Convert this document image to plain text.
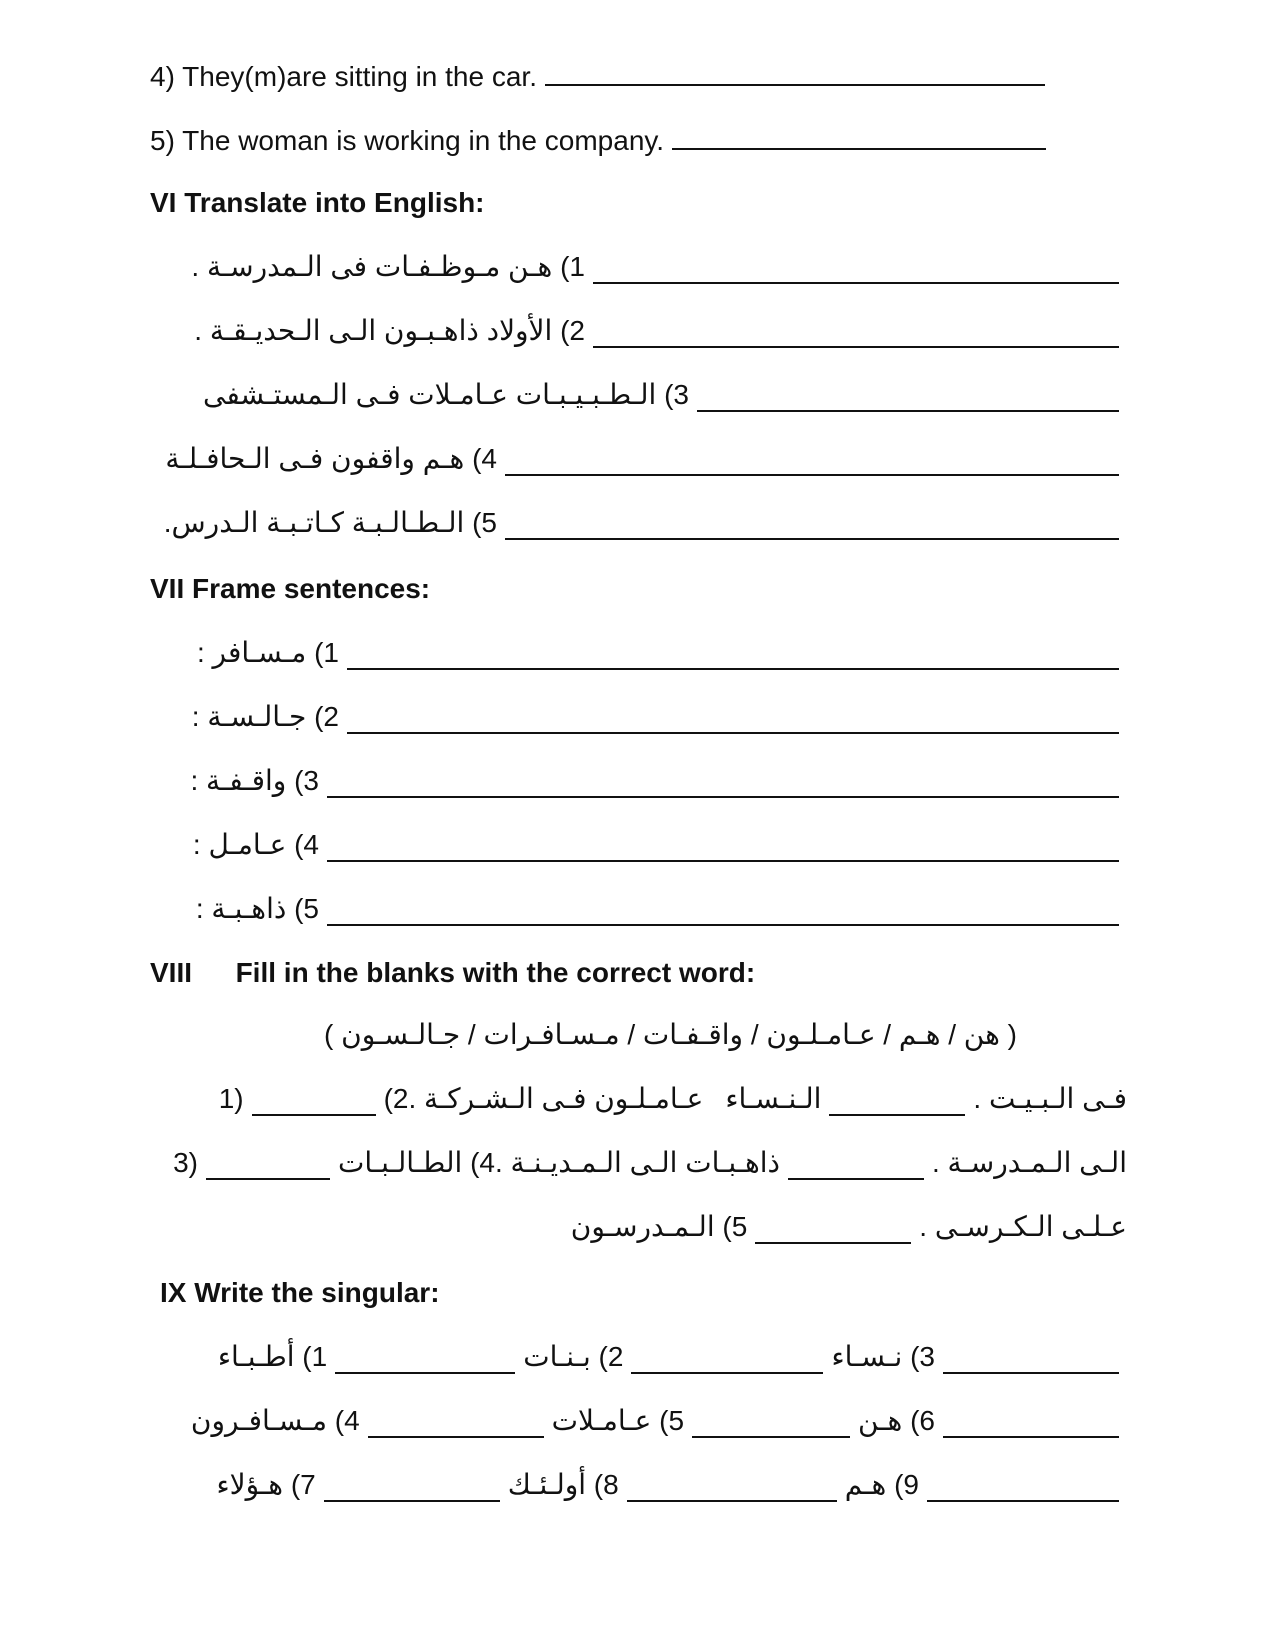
4) They(m)are sitting in the car.
5) The woman is working in the company.
VI Translate into English:
1) هـن مـوظـفـات فى الـمدرسـة .
2) الأولاد ذاهـبـون الـى الـحديـقـة .
3) الـطـبـيـبـات عـامـلات فـى الـمستـشفى
4) هـم واقفون فـى الـحافـلـة
5) الـطـالـبـة كـاتـبـة الـدرس.
VII Frame sentences:
1) مـسـافر :
2) جـالـسـة :
3) واقـفـة :
4) عـامـل :
5) ذاهـبـة :
VIII Fill in the blanks with the correct word:
( هن / هـم / عـامـلـون / واقـفـات / مـسـافـرات / جـالـسـون )
1)	عـامـلـون فـى الـشـركـة .2) الـنـسـاء	فـى الـبـيـت .
3)	ذاهـبـات الـى الـمـديـنـة .4) الطـالـبـات	الـى الـمـدرسـة .
5) الـمـدرسـون	عـلـى الـكـرسـى .
IX Write the singular:
1) أطـبـاء	2) بـنـات	3) نـسـاء
4) مـسـافـرون	5) عـامـلات	6) هـن
7) هـؤلاء	8) أولـئـك	9) هـم
